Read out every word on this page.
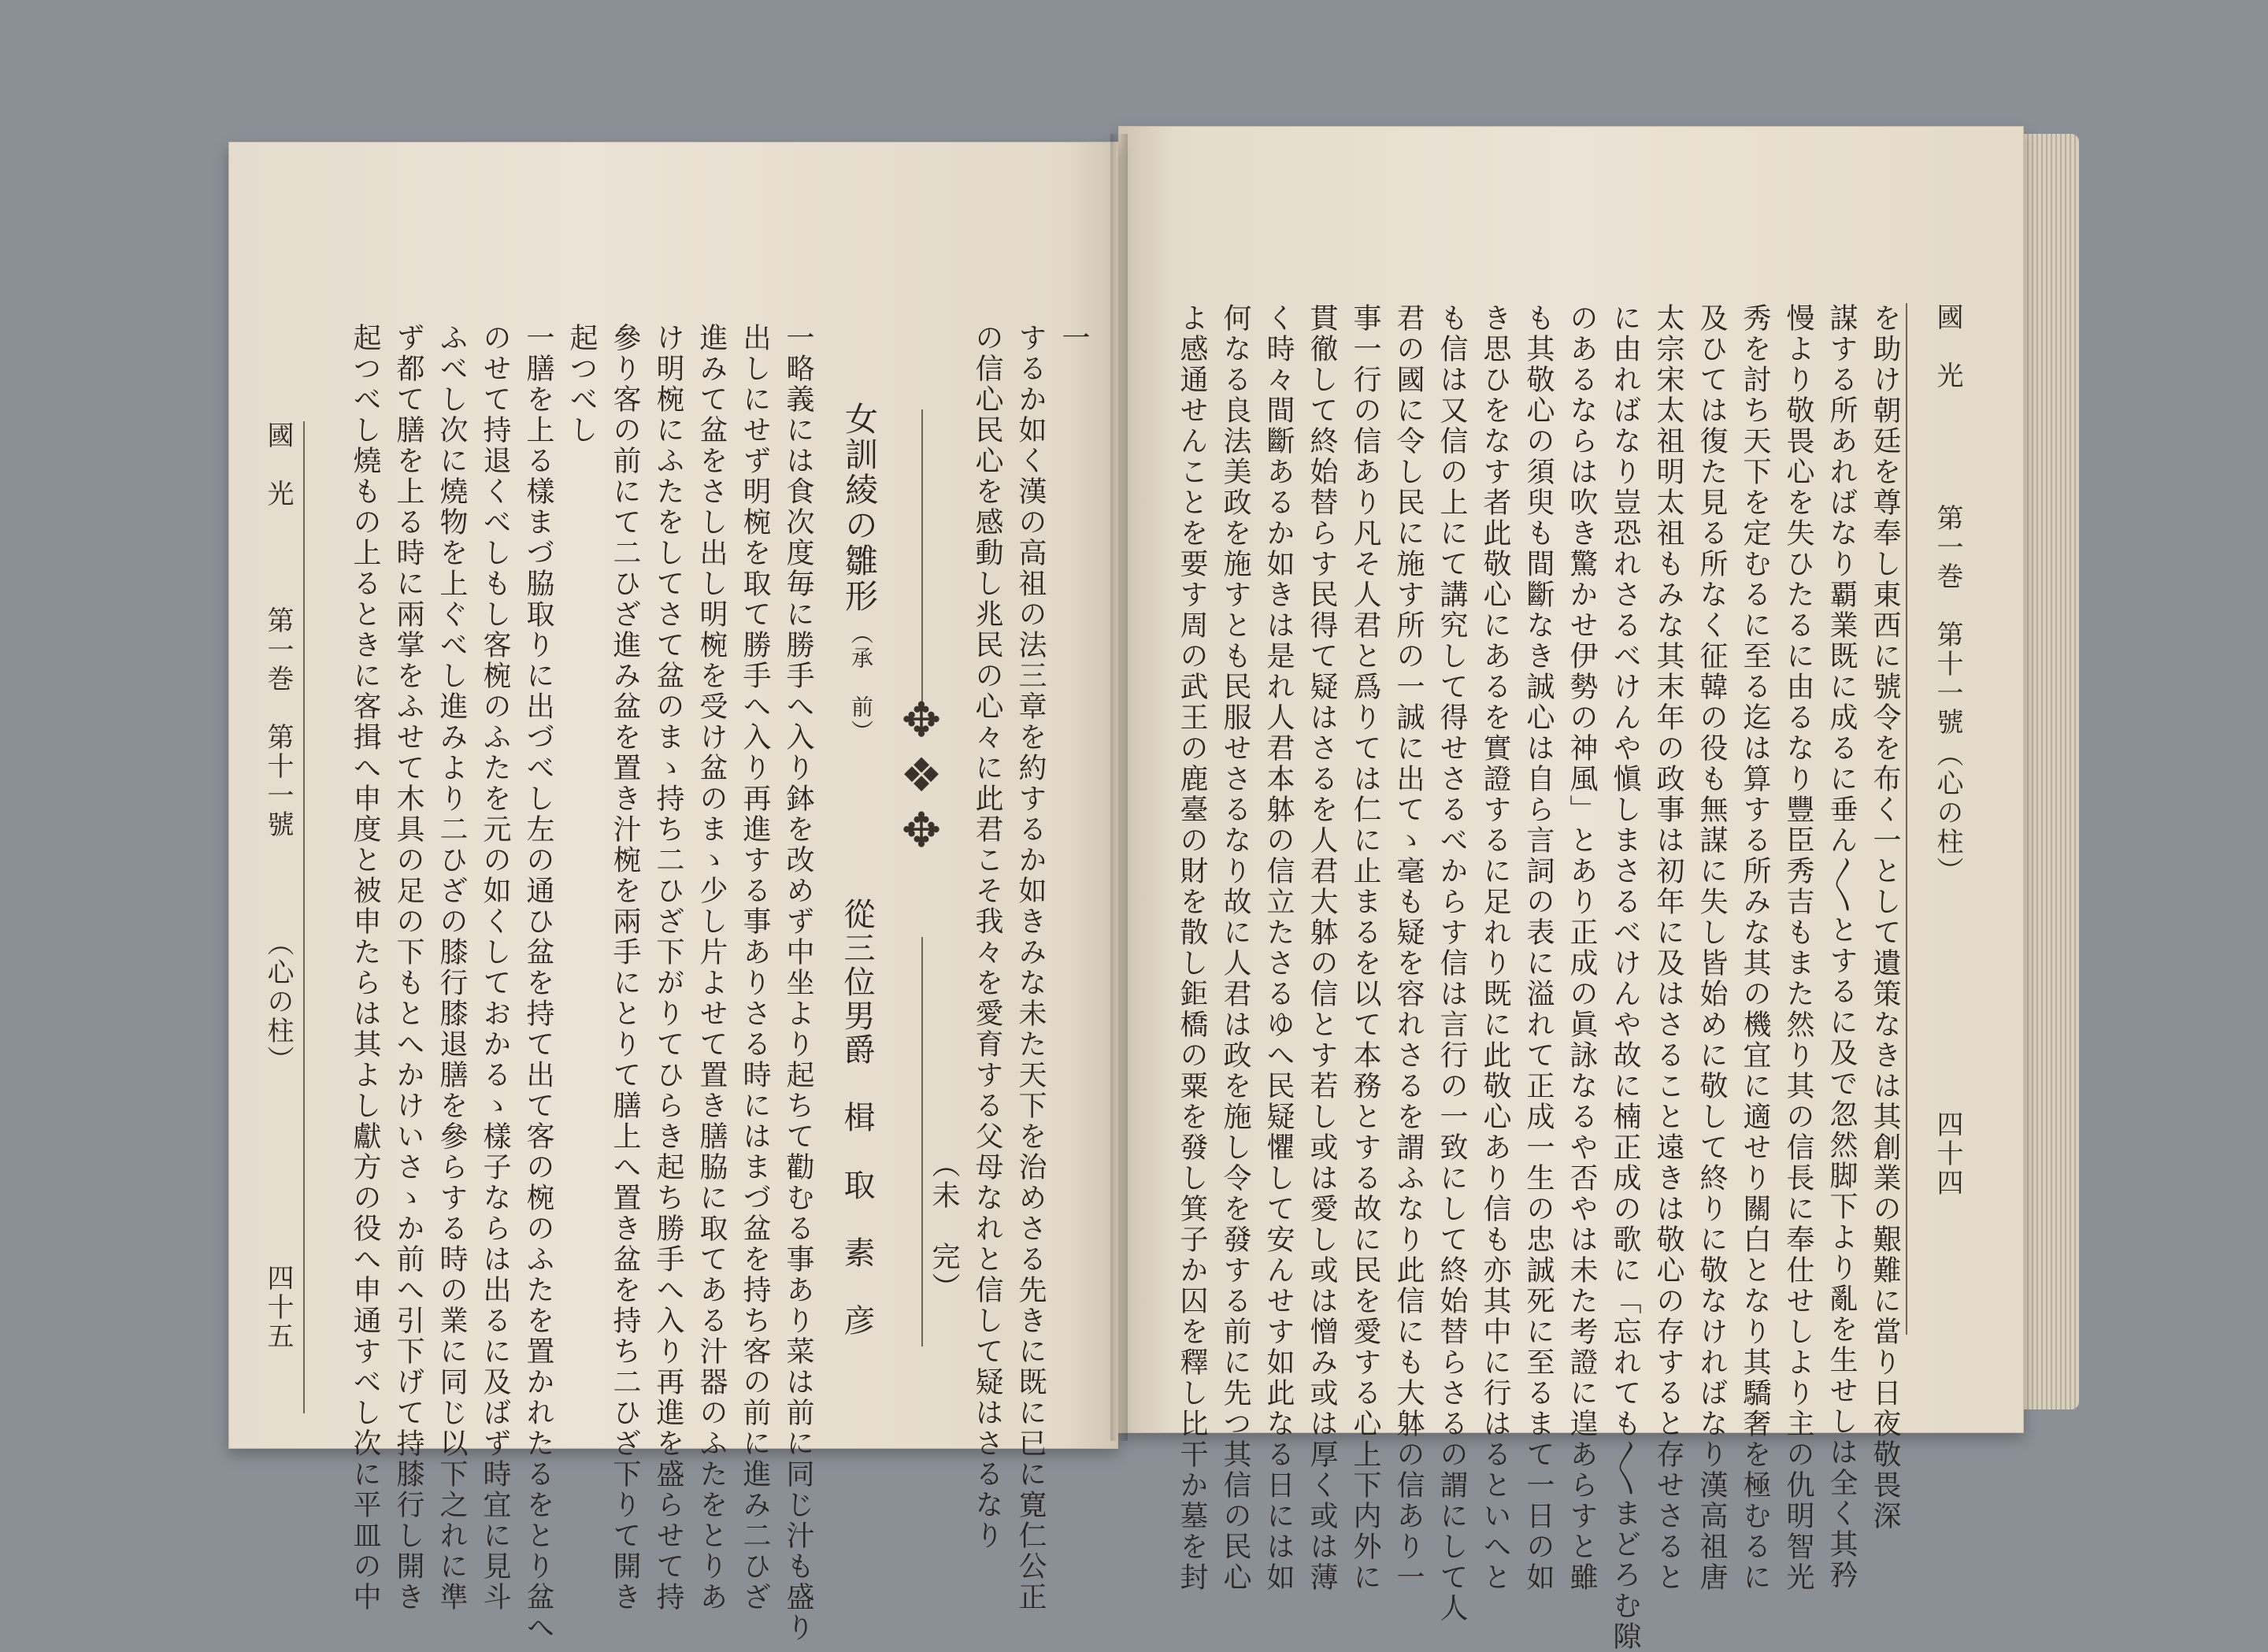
國　光
第一巻　第十一號
（心の柱）
四十四
を助け朝廷を尊奉し東西に號令を布く一として遺策なきは其創業の艱難に當り日夜敬畏深
謀する所あればなり覇業既に成るに垂ん〳〵とするに及で忽然脚下より亂を生せしは全く其矜
慢より敬畏心を失ひたるに由るなり豐臣秀吉もまた然り其の信長に奉仕せしより主の仇明智光
秀を討ち天下を定むるに至る迄は算する所みな其の機宜に適せり關白となり其驕奢を極むるに
及ひては復た見る所なく征韓の役も無謀に失し皆始めに敬して終りに敬なければなり漢高祖唐
太宗宋太祖明太祖もみな其末年の政事は初年に及はさること遠きは敬心の存すると存せさると
に由ればなり豈恐れさるべけんや愼しまさるべけんや故に楠正成の歌に「忘れても〳〵まどろむ隙
のあるならは吹き驚かせ伊勢の神風」とあり正成の眞詠なるや否やは未た考證に遑あらすと雖
も其敬心の須臾も間斷なき誠心は自ら言詞の表に溢れて正成一生の忠誠死に至るまて一日の如
き思ひをなす者此敬心にあるを實證するに足れり既に此敬心あり信も亦其中に行はるといへと
も信は又信の上にて講究して得せさるべからす信は言行の一致にして終始替らさるの謂にして人
君の國に令し民に施す所の一誠に出てゝ毫も疑を容れさるを謂ふなり此信にも大躰の信あり一
事一行の信あり凡そ人君と爲りては仁に止まるを以て本務とする故に民を愛する心上下内外に
貫徹して終始替らす民得て疑はさるを人君大躰の信とす若し或は愛し或は憎み或は厚く或は薄
く時々間斷あるか如きは是れ人君本躰の信立たさるゆへ民疑懼して安んせす如此なる日には如
何なる良法美政を施すとも民服せさるなり故に人君は政を施し令を發する前に先つ其信の民心
よ感通せんことを要す周の武王の鹿臺の財を散し鉅橋の粟を發し箕子か囚を釋し比干か墓を封
國　光
第一巻　第十一號
（心の柱）
四十五
一
するか如く漢の高祖の法三章を約するか如きみな未た天下を治めさる先きに既に已に寛仁公正
の信心民心を感動し兆民の心々に此君こそ我々を愛育する父母なれと信して疑はさるなり
（未　完）
✥
❖
✥
女訓綾の雛形
（承　前）
從三位男爵　楫　取　素　彦
一略義には食次度毎に勝手へ入り鉢を改めず中坐より起ちて勸むる事あり菜は前に同じ汁も盛り
出しにせず明椀を取て勝手へ入り再進する事ありさる時にはまづ盆を持ち客の前に進み二ひざ
進みて盆をさし出し明椀を受け盆のまゝ少し片よせて置き膳脇に取てある汁器のふたをとりあ
け明椀にふたをしてさて盆のまゝ持ち二ひざ下がりてひらき起ち勝手へ入り再進を盛らせて持
參り客の前にて二ひざ進み盆を置き汁椀を兩手にとりて膳上へ置き盆を持ち二ひざ下りて開き
起つべし
一膳を上る樣まづ脇取りに出づべし左の通ひ盆を持て出て客の椀のふたを置かれたるをとり盆へ
のせて持退くべしもし客椀のふたを元の如くしておかるゝ樣子ならは出るに及ばず時宜に見斗
ふべし次に燒物を上ぐべし進みより二ひざの膝行膝退膳を參らする時の業に同じ以下之れに準
ず都て膳を上る時に兩掌をふせて木具の足の下もとへかけいさゝか前へ引下げて持膝行し開き
起つべし燒もの上るときに客揖へ申度と被申たらは其よし獻方の役へ申通すべし次に平皿の中
